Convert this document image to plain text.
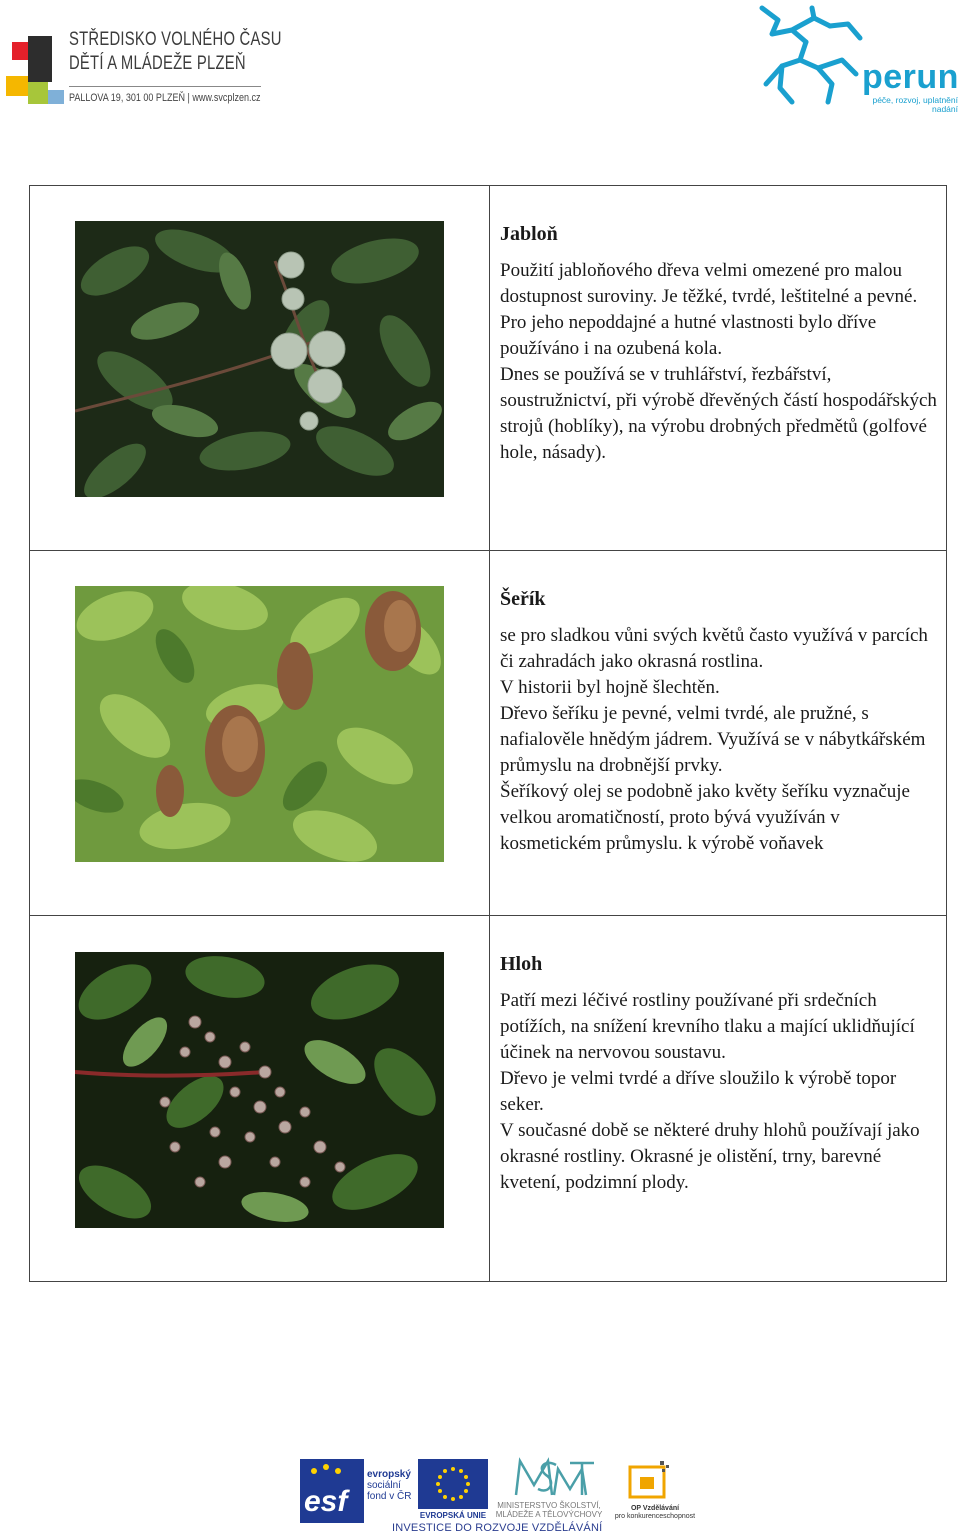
STŘEDISKO VOLNÉHO ČASU
DĚTÍ A MLÁDEŽE PLZEŇ
PALLOVA 19, 301 00 PLZEŇ | www.svcplzen.cz
perun
péče, rozvoj, uplatnění nadání
Jabloň
Použití jabloňového dřeva velmi omezené pro malou dostupnost suroviny. Je těžké, tvrdé, leštitelné a pevné. Pro jeho nepoddajné a hutné vlastnosti bylo dříve používáno i na ozubená kola.
Dnes se používá se v truhlářství, řezbářství, soustružnictví, při výrobě dřevěných částí hospodářských strojů (hoblíky), na výrobu drobných předmětů (golfové hole, násady).
Šeřík
se pro sladkou vůni svých květů často využívá v parcích či zahradách jako okrasná rostlina.
V historii byl hojně šlechtěn.
Dřevo šeříku je pevné, velmi tvrdé, ale pružné, s nafialověle hnědým jádrem. Využívá se v nábytkářském průmyslu na drobnější prvky.
Šeříkový olej se podobně jako květy šeříku vyznačuje velkou aromatičností, proto bývá využíván v kosmetickém průmyslu. k výrobě voňavek
Hloh
Patří mezi léčivé rostliny používané při srdečních potížích, na snížení krevního tlaku a mající uklidňující účinek na nervovou soustavu.
Dřevo je velmi tvrdé a dříve sloužilo k výrobě topor seker.
V současné době se některé druhy hlohů používají jako okrasné rostliny. Okrasné je olistění, trny, barevné kvetení, podzimní plody.
esf
evropský
sociální
fond v ČR
EVROPSKÁ UNIE
MINISTERSTVO ŠKOLSTVÍ,
MLÁDEŽE A TĚLOVÝCHOVY
OP Vzdělávání
pro konkurenceschopnost
INVESTICE DO ROZVOJE VZDĚLÁVÁNÍ
